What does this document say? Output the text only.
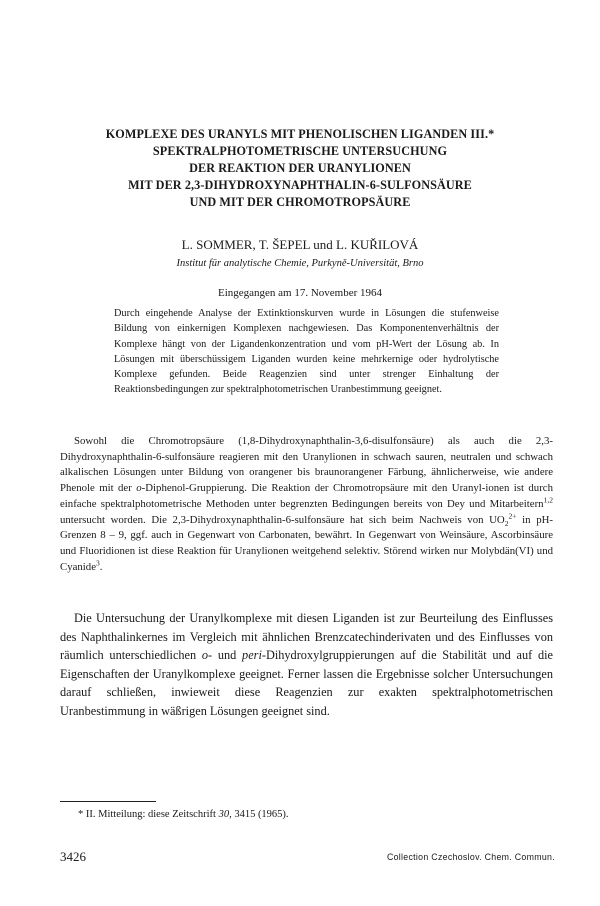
KOMPLEXE DES URANYLS MIT PHENOLISCHEN LIGANDEN III.*
SPEKTRALPHOTOMETRISCHE UNTERSUCHUNG
DER REAKTION DER URANYLIONEN
MIT DER 2,3-DIHYDROXYNAPHTHALIN-6-SULFONSÄURE
UND MIT DER CHROMOTROPSÄURE
L. SOMMER, T. ŠEPEL und L. KUŘILOVÁ
Institut für analytische Chemie, Purkyně-Universität, Brno
Eingegangen am 17. November 1964
Durch eingehende Analyse der Extinktionskurven wurde in Lösungen die stufenweise Bildung von einkernigen Komplexen nachgewiesen. Das Komponentenverhältnis der Komplexe hängt von der Ligandenkonzentration und vom pH-Wert der Lösung ab. In Lösungen mit überschüssigem Liganden wurden keine mehrkernige oder hydrolytische Komplexe gefunden. Beide Reagenzien sind unter strenger Einhaltung der Reaktionsbedingungen zur spektralphotometrischen Uranbestimmung geeignet.
Sowohl die Chromotropsäure (1,8-Dihydroxynaphthalin-3,6-disulfonsäure) als auch die 2,3-Dihydroxynaphthalin-6-sulfonsäure reagieren mit den Uranylionen in schwach sauren, neutralen und schwach alkalischen Lösungen unter Bildung von orangener bis braunorangener Färbung, ähnlicherweise, wie andere Phenole mit der o-Diphenol-Gruppierung. Die Reaktion der Chromotropsäure mit den Uranyl-ionen ist durch einfache spektralphotometrische Methoden unter begrenzten Bedingungen bereits von Dey und Mitarbeitern$^{1,2}$ untersucht worden. Die 2,3-Dihydroxynaphthalin-6-sulfonsäure hat sich beim Nachweis von $UO_2^{2+}$ in pH-Grenzen 8 – 9, ggf. auch in Gegenwart von Carbonaten, bewährt. In Gegenwart von Weinsäure, Ascorbinsäure und Fluoridionen ist diese Reaktion für Uranylionen weitgehend selektiv. Störend wirken nur Molybdän(VI) und Cyanide$^3$.
Die Untersuchung der Uranylkomplexe mit diesen Liganden ist zur Beurteilung des Einflusses des Naphthalinkernes im Vergleich mit ähnlichen Brenzcatechinderivaten und des Einflusses von räumlich unterschiedlichen o- und peri-Dihydroxylgruppierungen auf die Stabilität und auf die Eigenschaften der Uranylkomplexe geeignet. Ferner lassen die Ergebnisse solcher Untersuchungen darauf schließen, inwieweit diese Reagenzien zur exakten spektralphotometrischen Uranbestimmung in wäßrigen Lösungen geeignet sind.
* II. Mitteilung: diese Zeitschrift 30, 3415 (1965).
3426	Collection Czechoslov. Chem. Commun.
